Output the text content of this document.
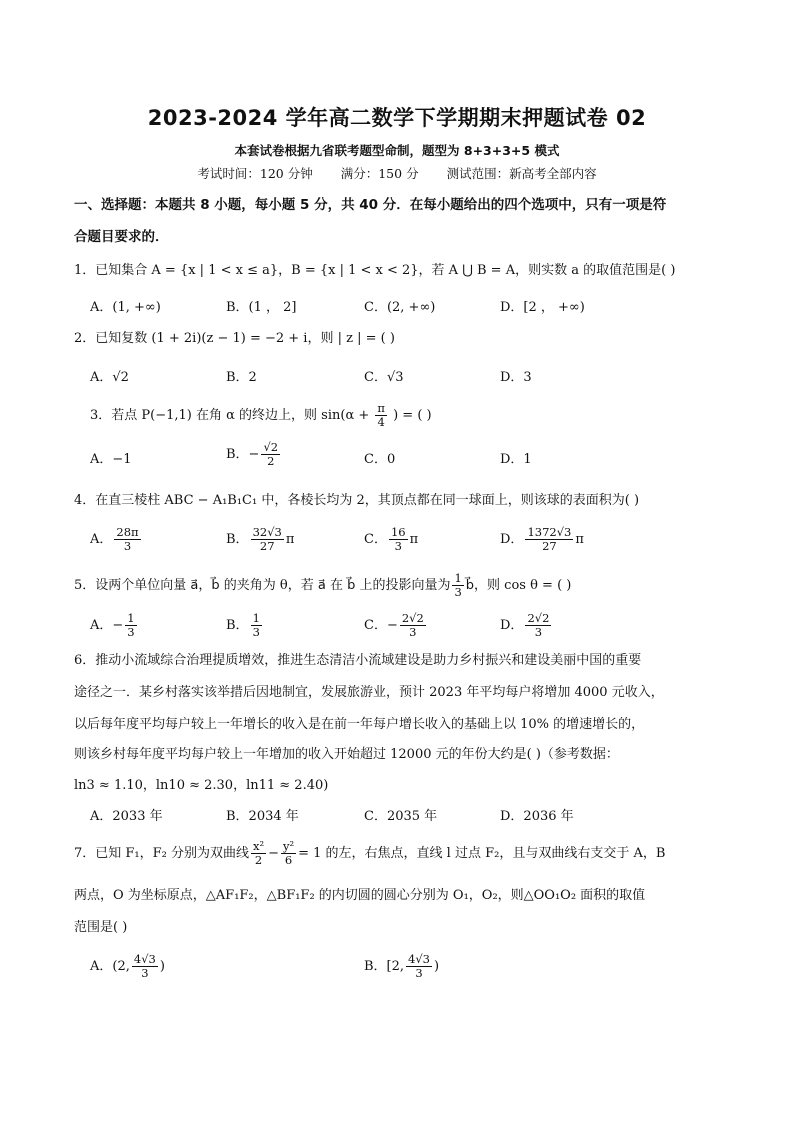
2023-2024 学年高二数学下学期期末押题试卷 02
本套试卷根据九省联考题型命制，题型为 8+3+3+5 模式
考试时间：120 分钟 满分：150 分 测试范围：新高考全部内容
一、选择题：本题共 8 小题，每小题 5 分，共 40 分．在每小题给出的四个选项中，只有一项是符
合题目要求的．
1．已知集合 A = {x | 1 < x ≤ a}，B = {x | 1 < x < 2}，若 A ⋃ B = A，则实数 a 的取值范围是( )
A．(1, +∞)	B．(1 ， 2]	C．(2, +∞)	D．[2 ， +∞)
2．已知复数 (1 + 2i)(z − 1) = −2 + i，则 | z | = ( )
A．√2	B．2	C．√3	D．3
3．若点 P(−1,1) 在角 α 的终边上，则 $\sin(\alpha + \frac{\pi}{4}$ ) = ( )
A．−1	B．− $\frac{√2}{2}$	C．0	D．1
4．在直三棱柱 ABC − A₁B₁C₁ 中，各棱长均为 2，其顶点都在同一球面上，则该球的表面积为( )
A． $\frac{28\pi}{3}$	B． $\frac{32√3}{27}$ π	C． $\frac{16}{3}$ π	D． $\frac{1372√3}{27}$ π
5．设两个单位向量 a⃗，b⃗ 的夹角为 θ，若 a⃗ 在 b⃗ 上的投影向量为 $\frac{1}{3}$ b⃗，则 cos θ = ( )
A．− $\frac{1}{3}$	B． $\frac{1}{3}$	C．− $\frac{2√2}{3}$	D． $\frac{2√2}{3}$
6．推动小流域综合治理提质增效，推进生态清洁小流域建设是助力乡村振兴和建设美丽中国的重要
途径之一．某乡村落实该举措后因地制宜，发展旅游业，预计 2023 年平均每户将增加 4000 元收入，
以后每年度平均每户较上一年增长的收入是在前一年每户增长收入的基础上以 10% 的增速增长的，
则该乡村每年度平均每户较上一年增加的收入开始超过 12000 元的年份大约是( )（参考数据：
ln3 ≈ 1.10，ln10 ≈ 2.30，ln11 ≈ 2.40)
A．2033 年	B．2034 年	C．2035 年	D．2036 年
7．已知 F₁，F₂ 分别为双曲线 $\frac{\text{x²}}{2} - \frac{\text{y²}}{6} = 1$ 的左，右焦点，直线 l 过点 F₂，且与双曲线右支交于 A，B
两点，O 为坐标原点，△AF₁F₂，△BF₁F₂ 的内切圆的圆心分别为 O₁，O₂，则△OO₁O₂ 面积的取值
范围是( )
A．(2, $\frac{4√3}{3}$ )	B．[2, $\frac{4√3}{3}$ )
